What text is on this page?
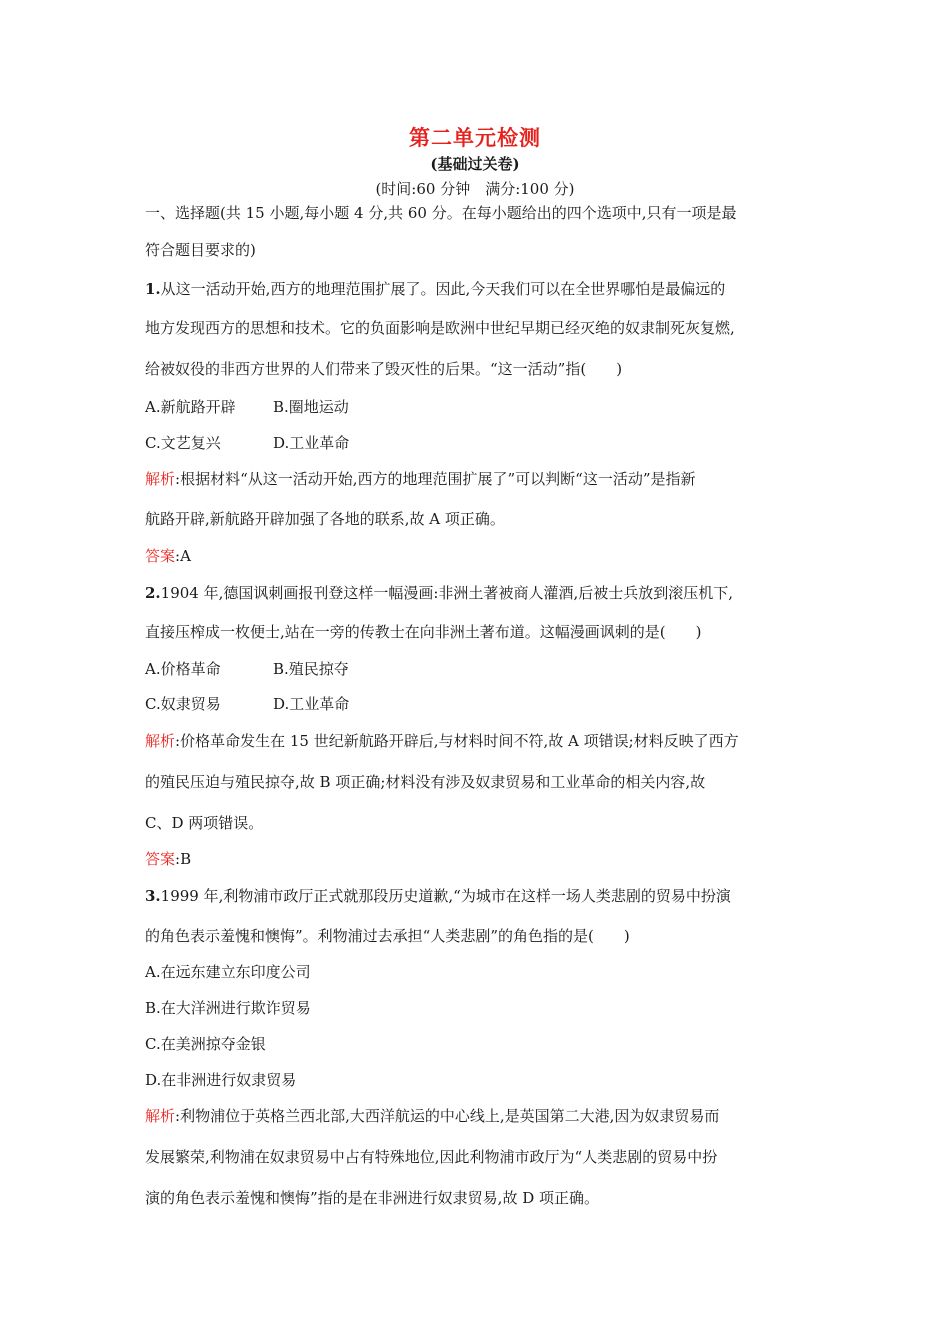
第二单元检测
(基础过关卷)
(时间:60 分钟　满分:100 分)
一、选择题(共 15 小题,每小题 4 分,共 60 分。在每小题给出的四个选项中,只有一项是最
符合题目要求的)
1.从这一活动开始,西方的地理范围扩展了。因此,今天我们可以在全世界哪怕是最偏远的
地方发现西方的思想和技术。它的负面影响是欧洲中世纪早期已经灭绝的奴隶制死灰复燃,
给被奴役的非西方世界的人们带来了毁灭性的后果。“这一活动”指(　　)
A.新航路开辟 B.圈地运动
C.文艺复兴	D.工业革命
解析:根据材料“从这一活动开始,西方的地理范围扩展了”可以判断“这一活动”是指新
航路开辟,新航路开辟加强了各地的联系,故 A 项正确。
答案:A
2.1904 年,德国讽刺画报刊登这样一幅漫画:非洲土著被商人灌酒,后被士兵放到滚压机下,
直接压榨成一枚便士,站在一旁的传教士在向非洲土著布道。这幅漫画讽刺的是(　　)
A.价格革命	B.殖民掠夺
C.奴隶贸易	D.工业革命
解析:价格革命发生在 15 世纪新航路开辟后,与材料时间不符,故 A 项错误;材料反映了西方
的殖民压迫与殖民掠夺,故 B 项正确;材料没有涉及奴隶贸易和工业革命的相关内容,故
C、D 两项错误。
答案:B
3.1999 年,利物浦市政厅正式就那段历史道歉,“为城市在这样一场人类悲剧的贸易中扮演
的角色表示羞愧和懊悔”。利物浦过去承担“人类悲剧”的角色指的是(　　)
A.在远东建立东印度公司
B.在大洋洲进行欺诈贸易
C.在美洲掠夺金银
D.在非洲进行奴隶贸易
解析:利物浦位于英格兰西北部,大西洋航运的中心线上,是英国第二大港,因为奴隶贸易而
发展繁荣,利物浦在奴隶贸易中占有特殊地位,因此利物浦市政厅为“人类悲剧的贸易中扮
演的角色表示羞愧和懊悔”指的是在非洲进行奴隶贸易,故 D 项正确。
